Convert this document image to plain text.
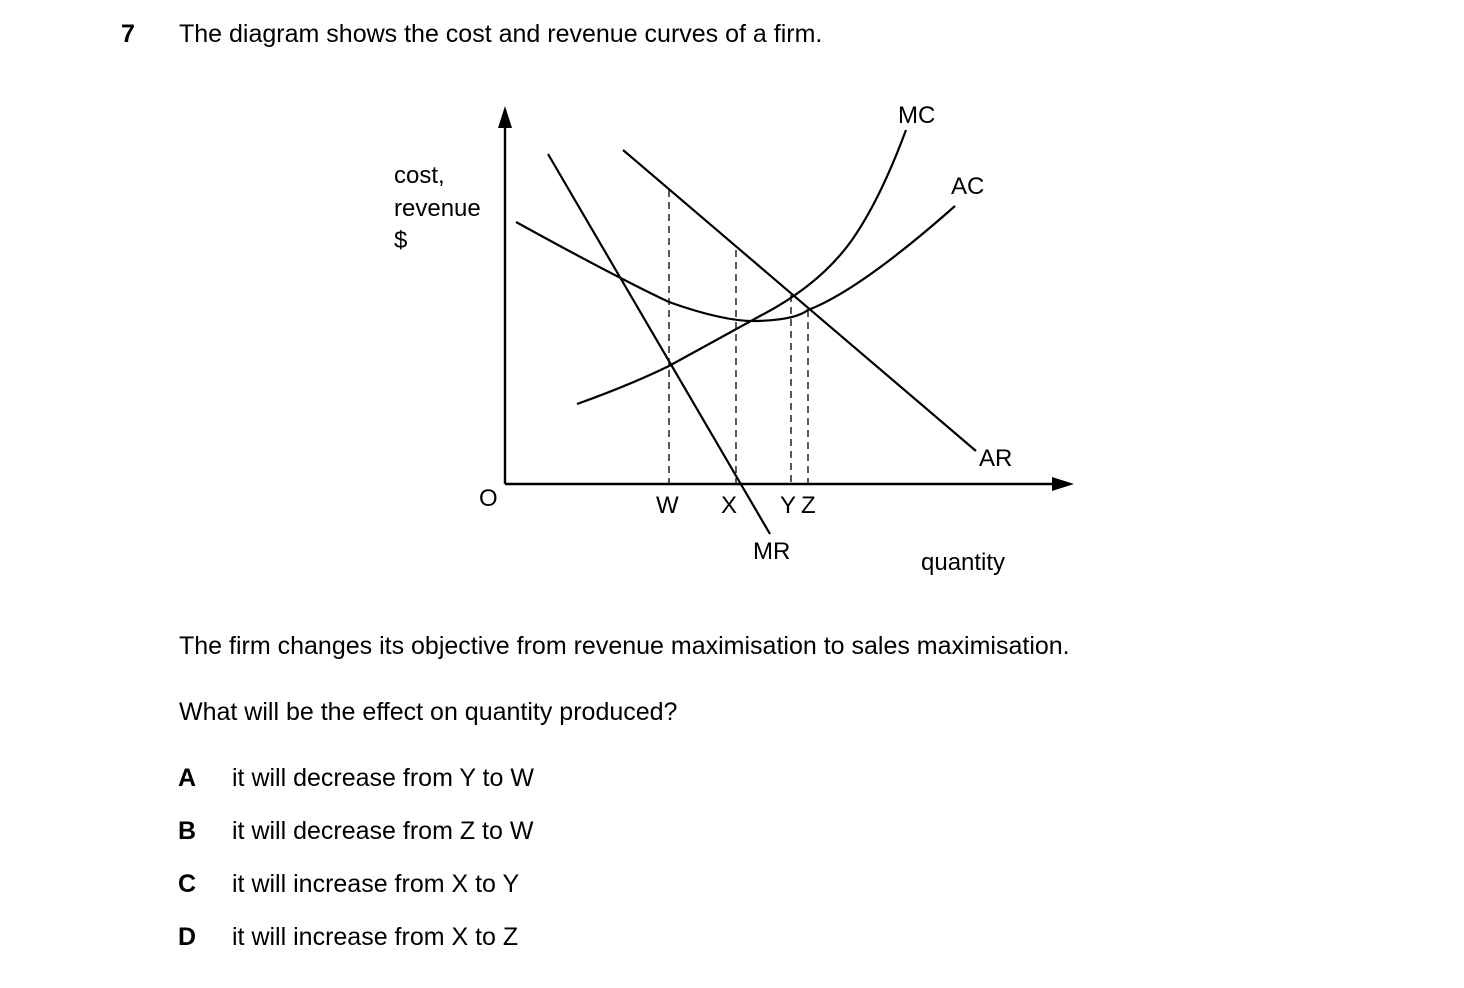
7 The diagram shows the cost and revenue curves of a firm.
cost,
revenue
$
O
quantity
MC
AC
AR
MR
W X Y Z
The firm changes its objective from revenue maximisation to sales maximisation.
What will be the effect on quantity produced?
A it will decrease from Y to W
B it will decrease from Z to W
C it will increase from X to Y
D it will increase from X to Z
